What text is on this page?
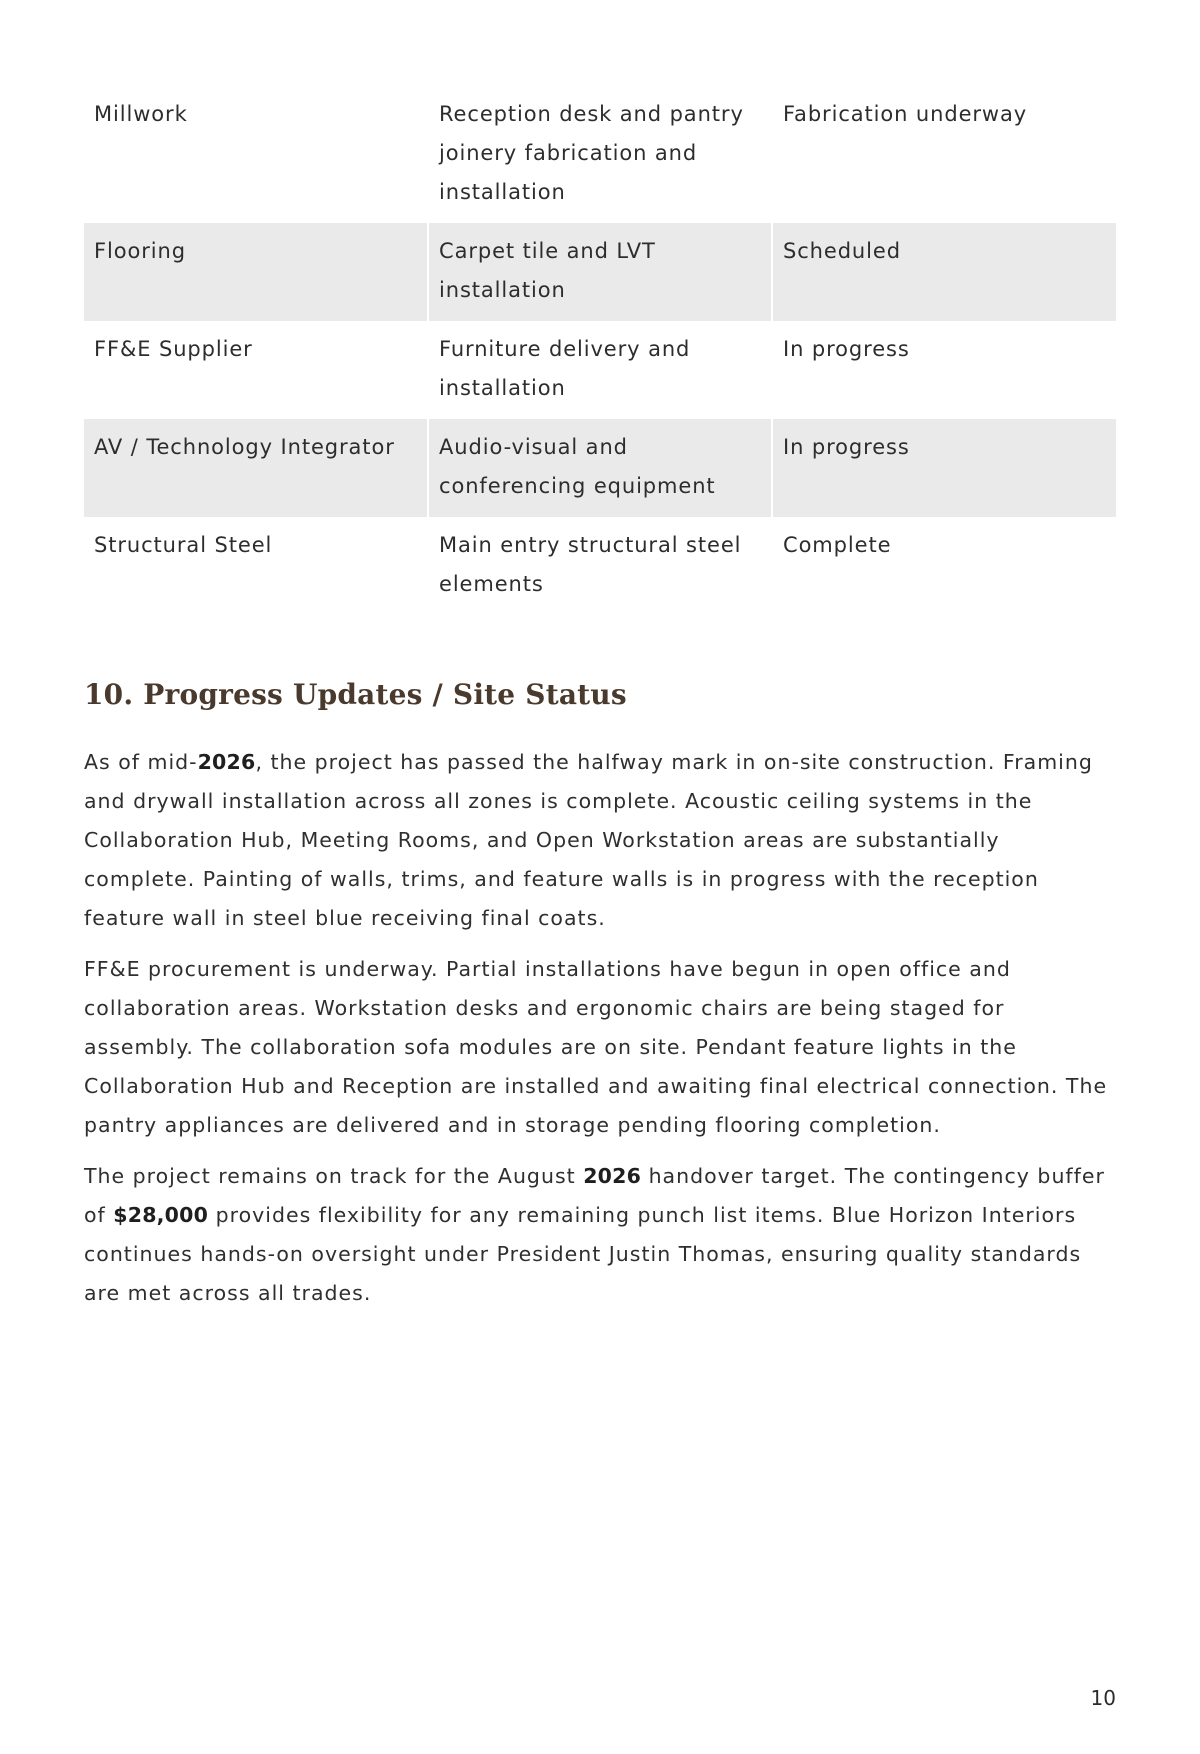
Millwork	Reception desk and pantry joinery fabrication and installation	Fabrication underway
Flooring	Carpet tile and LVT installation	Scheduled
FF&E Supplier	Furniture delivery and installation	In progress
AV / Technology Integrator	Audio-visual and conferencing equipment	In progress
Structural Steel	Main entry structural steel elements	Complete
10. Progress Updates / Site Status

As of mid-2026, the project has passed the halfway mark in on-site construction. Framing and drywall installation across all zones is complete. Acoustic ceiling systems in the Collaboration Hub, Meeting Rooms, and Open Workstation areas are substantially complete. Painting of walls, trims, and feature walls is in progress with the reception feature wall in steel blue receiving final coats.

FF&E procurement is underway. Partial installations have begun in open office and collaboration areas. Workstation desks and ergonomic chairs are being staged for assembly. The collaboration sofa modules are on site. Pendant feature lights in the Collaboration Hub and Reception are installed and awaiting final electrical connection. The pantry appliances are delivered and in storage pending flooring completion.

The project remains on track for the August 2026 handover target. The contingency buffer of $28,000 provides flexibility for any remaining punch list items. Blue Horizon Interiors continues hands-on oversight under President Justin Thomas, ensuring quality standards are met across all trades.

10
